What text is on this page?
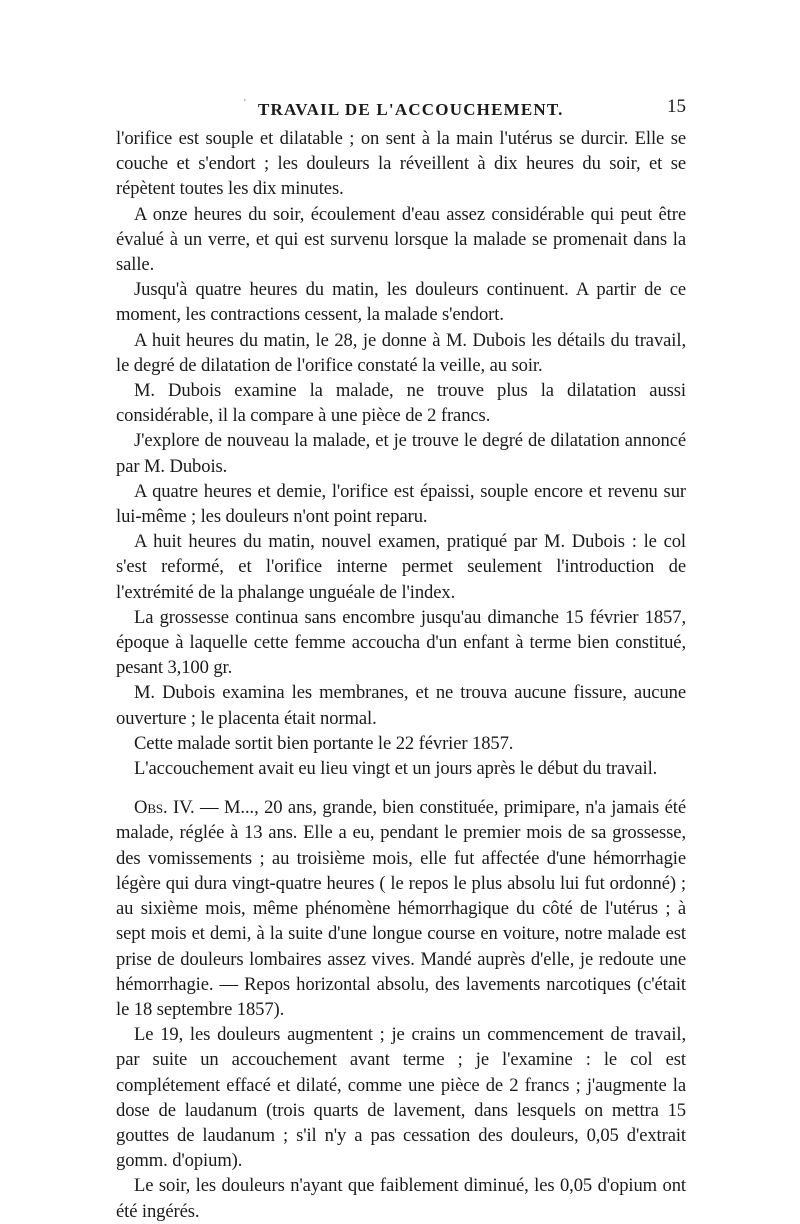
' TRAVAIL DE L'ACCOUCHEMENT.	15

l'orifice est souple et dilatable ; on sent à la main l'utérus se durcir. Elle se couche et s'endort ; les douleurs la réveillent à dix heures du soir, et se répètent toutes les dix minutes.

A onze heures du soir, écoulement d'eau assez considérable qui peut être évalué à un verre, et qui est survenu lorsque la malade se promenait dans la salle.

Jusqu'à quatre heures du matin, les douleurs continuent. A partir de ce moment, les contractions cessent, la malade s'endort.

A huit heures du matin, le 28, je donne à M. Dubois les détails du travail, le degré de dilatation de l'orifice constaté la veille, au soir.

M. Dubois examine la malade, ne trouve plus la dilatation aussi considérable, il la compare à une pièce de 2 francs.

J'explore de nouveau la malade, et je trouve le degré de dilatation annoncé par M. Dubois.

A quatre heures et demie, l'orifice est épaissi, souple encore et revenu sur lui-même ; les douleurs n'ont point reparu.

A huit heures du matin, nouvel examen, pratiqué par M. Dubois : le col s'est reformé, et l'orifice interne permet seulement l'introduction de l'extrémité de la phalange unguéale de l'index.

La grossesse continua sans encombre jusqu'au dimanche 15 février 1857, époque à laquelle cette femme accoucha d'un enfant à terme bien constitué, pesant 3,100 gr.

M. Dubois examina les membranes, et ne trouva aucune fissure, aucune ouverture ; le placenta était normal.

Cette malade sortit bien portante le 22 février 1857.

L'accouchement avait eu lieu vingt et un jours après le début du travail.

Obs. IV. — M..., 20 ans, grande, bien constituée, primipare, n'a jamais été malade, réglée à 13 ans. Elle a eu, pendant le premier mois de sa grossesse, des vomissements ; au troisième mois, elle fut affectée d'une hémorrhagie légère qui dura vingt-quatre heures ( le repos le plus absolu lui fut ordonné) ; au sixième mois, même phénomène hémorrhagique du côté de l'utérus ; à sept mois et demi, à la suite d'une longue course en voiture, notre malade est prise de douleurs lombaires assez vives. Mandé auprès d'elle, je redoute une hémorrhagie. — Repos horizontal absolu, des lavements narcotiques (c'était le 18 septembre 1857).

Le 19, les douleurs augmentent ; je crains un commencement de travail, par suite un accouchement avant terme ; je l'examine : le col est complétement effacé et dilaté, comme une pièce de 2 francs ; j'augmente la dose de laudanum (trois quarts de lavement, dans lesquels on mettra 15 gouttes de laudanum ; s'il n'y a pas cessation des douleurs, 0,05 d'extrait gomm. d'opium).

Le soir, les douleurs n'ayant que faiblement diminué, les 0,05 d'opium ont été ingérés.
